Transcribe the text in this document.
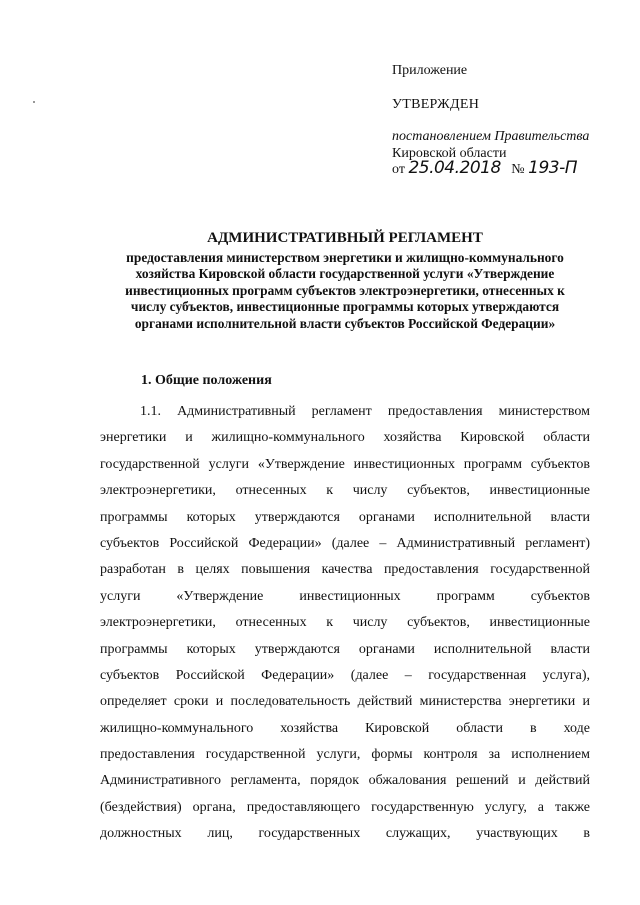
Приложение
УТВЕРЖДЕН
постановлением Правительства
Кировской области
от 25.04.2018 № 193-П
АДМИНИСТРАТИВНЫЙ РЕГЛАМЕНТ
предоставления министерством энергетики и жилищно-коммунального
хозяйства Кировской области государственной услуги «Утверждение
инвестиционных программ субъектов электроэнергетики, отнесенных к
числу субъектов, инвестиционные программы которых утверждаются
органами исполнительной власти субъектов Российской Федерации»
1. Общие положения
1.1. Административный регламент предоставления министерством
энергетики и жилищно-коммунального хозяйства Кировской области
государственной услуги «Утверждение инвестиционных программ субъектов
электроэнергетики, отнесенных к числу субъектов, инвестиционные
программы которых утверждаются органами исполнительной власти
субъектов Российской Федерации» (далее – Административный регламент)
разработан в целях повышения качества предоставления государственной
услуги «Утверждение инвестиционных программ субъектов
электроэнергетики, отнесенных к числу субъектов, инвестиционные
программы которых утверждаются органами исполнительной власти
субъектов Российской Федерации» (далее – государственная услуга),
определяет сроки и последовательность действий министерства энергетики и
жилищно-коммунального хозяйства Кировской области в ходе
предоставления государственной услуги, формы контроля за исполнением
Административного регламента, порядок обжалования решений и действий
(бездействия) органа, предоставляющего государственную услугу, а также
должностных лиц, государственных служащих, участвующих в
